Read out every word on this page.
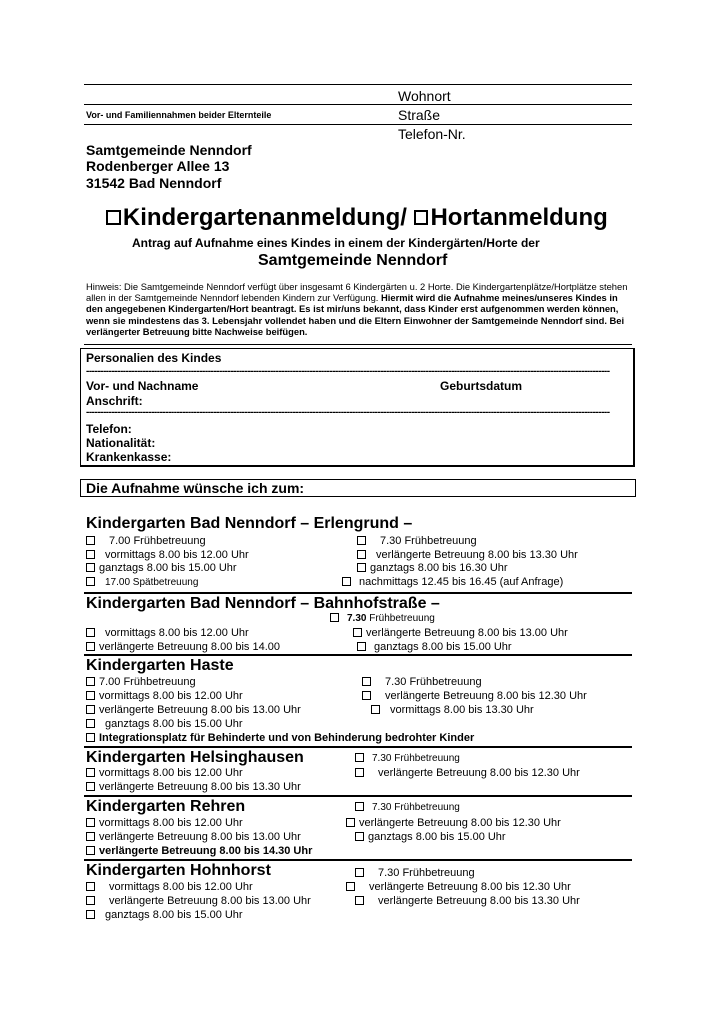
Wohnort
Vor- und Familiennahmen beider Elternteile	Straße
Telefon-Nr.
Samtgemeinde Nenndorf
Rodenberger Allee 13
31542 Bad Nenndorf
Kindergartenanmeldung/ Hortanmeldung
Antrag auf Aufnahme eines Kindes in einem der Kindergärten/Horte der
Samtgemeinde Nenndorf
Hinweis: Die Samtgemeinde Nenndorf verfügt über insgesamt 6 Kindergärten u. 2 Horte. Die Kindergartenplätze/Hortplätze stehen allen in der Samtgemeinde Nenndorf lebenden Kindern zur Verfügung. Hiermit wird die Aufnahme meines/unseres Kindes in den angegebenen Kindergarten/Hort beantragt. Es ist mir/uns bekannt, dass Kinder erst aufgenommen werden können, wenn sie mindestens das 3. Lebensjahr vollendet haben und die Eltern Einwohner der Samtgemeinde Nenndorf sind. Bei verlängerter Betreuung bitte Nachweise beifügen.
Personalien des Kindes
-----------------------------------------------------------------------------------------------------------------------------------------------------------------------------------------
Vor- und Nachname	Geburtsdatum
Anschrift:
-----------------------------------------------------------------------------------------------------------------------------------------------------------------------------------------
Telefon:
Nationalität:
Krankenkasse:
Die Aufnahme wünsche ich zum:
Kindergarten Bad Nenndorf – Erlengrund –
7.00 Frühbetreuung	7.30 Frühbetreuung
vormittags 8.00 bis 12.00 Uhr	verlängerte Betreuung 8.00 bis 13.30 Uhr
ganztags 8.00 bis 15.00 Uhr	ganztags 8.00 bis 16.30 Uhr
17.00 Spätbetreuung	nachmittags 12.45 bis 16.45 (auf Anfrage)
Kindergarten Bad Nenndorf – Bahnhofstraße –
7.30 Frühbetreuung
vormittags 8.00 bis 12.00 Uhr	verlängerte Betreuung 8.00 bis 13.00 Uhr
verlängerte Betreuung 8.00 bis 14.00	ganztags 8.00 bis 15.00 Uhr
Kindergarten Haste
7.00 Frühbetreuung	7.30 Frühbetreuung
vormittags 8.00 bis 12.00 Uhr	verlängerte Betreuung 8.00 bis 12.30 Uhr
verlängerte Betreuung 8.00 bis 13.00 Uhr	vormittags 8.00 bis 13.30 Uhr
ganztags 8.00 bis 15.00 Uhr
Integrationsplatz für Behinderte und von Behinderung bedrohter Kinder
Kindergarten Helsinghausen	7.30 Frühbetreuung
vormittags 8.00 bis 12.00 Uhr	verlängerte Betreuung 8.00 bis 12.30 Uhr
verlängerte Betreuung 8.00 bis 13.30 Uhr
Kindergarten Rehren	7.30 Frühbetreuung
vormittags 8.00 bis 12.00 Uhr	verlängerte Betreuung 8.00 bis 12.30 Uhr
verlängerte Betreuung 8.00 bis 13.00 Uhr	ganztags 8.00 bis 15.00 Uhr
verlängerte Betreuung 8.00 bis 14.30 Uhr
Kindergarten Hohnhorst	7.30 Frühbetreuung
vormittags 8.00 bis 12.00 Uhr	verlängerte Betreuung 8.00 bis 12.30 Uhr
verlängerte Betreuung 8.00 bis 13.00 Uhr	verlängerte Betreuung 8.00 bis 13.30 Uhr
ganztags 8.00 bis 15.00 Uhr
